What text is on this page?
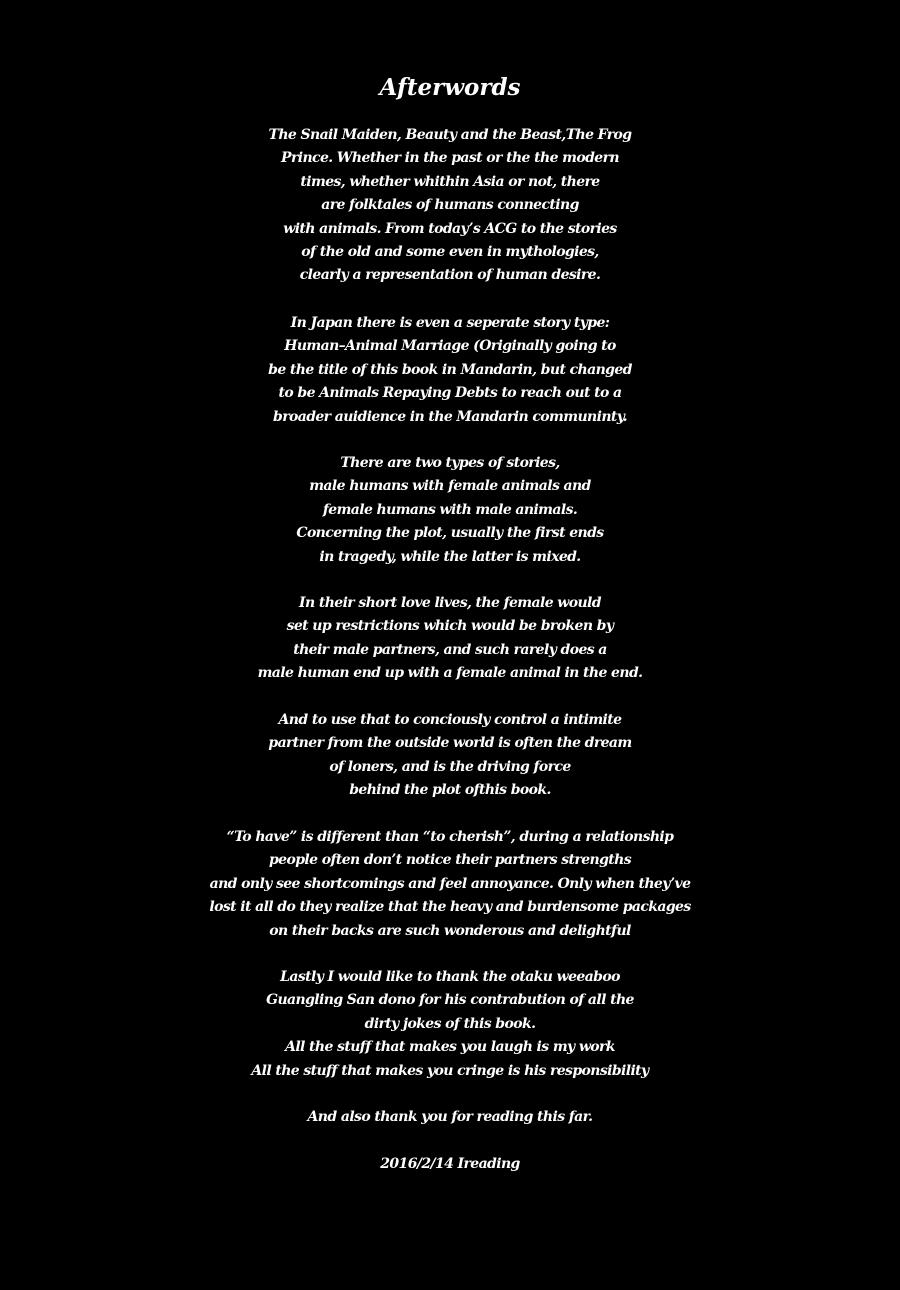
Afterwords

The Snail Maiden, Beauty and the Beast,The Frog
Prince. Whether in the past or the the modern
times, whether whithin Asia or not, there
are folktales of humans connecting
with animals. From today’s ACG to the stories
of the old and some even in mythologies,
clearly a representation of human desire.

In Japan there is even a seperate story type:
Human–Animal Marriage (Originally going to
be the title of this book in Mandarin, but changed
to be Animals Repaying Debts to reach out to a
broader auidience in the Mandarin communinty.

There are two types of stories,
male humans with female animals and
female humans with male animals.
Concerning the plot, usually the first ends
in tragedy, while the latter is mixed.

In their short love lives, the female would
set up restrictions which would be broken by
their male partners, and such rarely does a
male human end up with a female animal in the end.

And to use that to conciously control a intimite
partner from the outside world is often the dream
of loners, and is the driving force
behind the plot ofthis book.

“To have” is different than “to cherish”, during a relationship
people often don’t notice their partners strengths
and only see shortcomings and feel annoyance. Only when they’ve
lost it all do they realize that the heavy and burdensome packages
on their backs are such wonderous and delightful

Lastly I would like to thank the otaku weeaboo
Guangling San dono for his contrabution of all the
dirty jokes of this book.
All the stuff that makes you laugh is my work
All the stuff that makes you cringe is his responsibility

And also thank you for reading this far.

2016/2/14 Ireading
